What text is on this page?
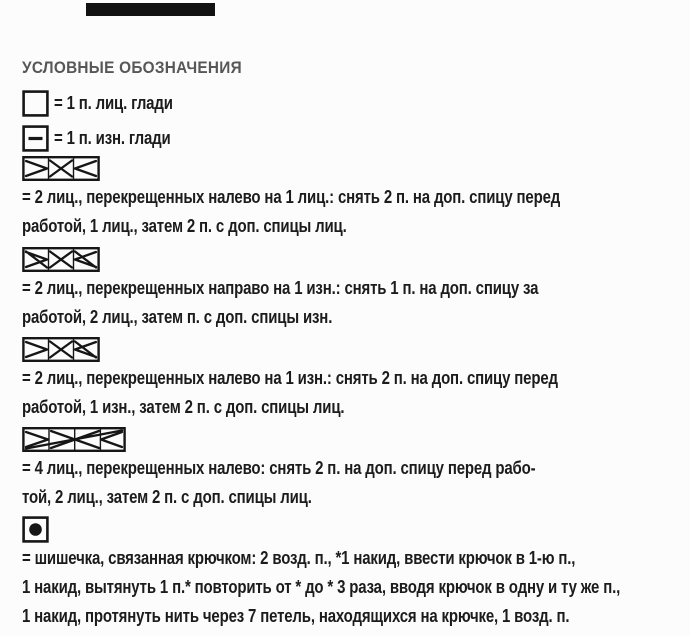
УСЛОВНЫЕ ОБОЗНАЧЕНИЯ
= 1 п. лиц. глади
= 1 п. изн. глади
= 2 лиц., перекрещенных налево на 1 лиц.: снять 2 п. на доп. спицу перед
работой, 1 лиц., затем 2 п. с доп. спицы лиц.
= 2 лиц., перекрещенных направо на 1 изн.: снять 1 п. на доп. спицу за
работой, 2 лиц., затем п. с доп. спицы изн.
= 2 лиц., перекрещенных налево на 1 изн.: снять 2 п. на доп. спицу перед
работой, 1 изн., затем 2 п. с доп. спицы лиц.
= 4 лиц., перекрещенных налево: снять 2 п. на доп. спицу перед рабо-
той, 2 лиц., затем 2 п. с доп. спицы лиц.
= шишечка, связанная крючком: 2 возд. п., *1 накид, ввести крючок в 1-ю п.,
1 накид, вытянуть 1 п.* повторить от * до * 3 раза, вводя крючок в одну и ту же п.,
1 накид, протянуть нить через 7 петель, находящихся на крючке, 1 возд. п.
